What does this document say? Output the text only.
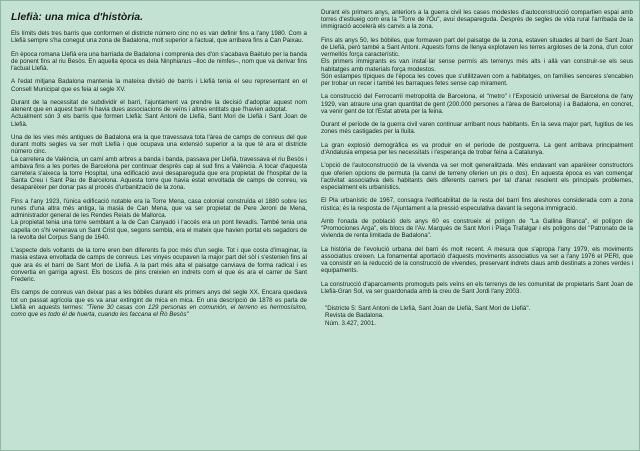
Llefià: una mica d'història.

Els límits dels tres barris que conformen el districte número cinc no es van definir fins a l'any 1980. Com a Llefià sempre s'ha conegut una zona de Badalona, molt superior a l'actual, que arribava fins a Can Paixau.

En època romana Llefià era una barriada de Badalona i comprenia des d'on s'acabava Baètulo per la banda de ponent fins al riu Besòs. En aquella època es deia Ninphianus –lloc de nimfes–, nom que va derivar fins l'actual Llefià.

A l'edat mitjana Badalona mantenia la mateixa divisió de barris i Llefià tenia el seu representant en el Consell Municipal que es feia al segle XV.

Durant de la necessitat de subdividir el barri, l'ajuntament va prendre la decisió d'adoptar aquest nom atenent que en aquest barri hi havia dues associacions de veïns i altres entitats que l'havien adoptat.

Actualment són 3 els barris que formen Llefià: Sant Antoni de Llefià, Sant Mori de Llefià i Sant Joan de Llefià.

Una de les vies més antigues de Badalona era la que travessava tota l'àrea de camps de conreus del que durant molts segles va ser molt Llefià i que ocupava una extensió superior a la que té ara el districte número cinc.

La carretera de València, un camí amb arbres a banda i banda, passava per Llefià, travessava el riu Besòs i ambava fins a les portes de Barcelona per continuar desprès cap al sud fins a València. A tocar d'aquesta carretera s'aixeca la torre Hospital, una edificació avui desapareguda que era propietat de l'hospital de la Santa Creu i Sant Pau de Barcelona. Aquesta torre que havia estat envoltada de camps de conreu, va desaparèixer per donar pas al procés d'urbanització de la zona.

Fins a l'any 1923, l'única edificació notable era la Torre Mena, casa colonial construïda el 1880 sobre les runes d'una altra més antiga, la masia de Can Mena, que va ser propietat de Pere Jeroni de Mena, administrador general de les Rendes Reials de Mallorca.

La propietat tenia una torre semblant a la de Can Canyadó i l'accés era un pont llevadís. També tenia una capella on s'hi venerava un Sant Crist que, segons sembla, era el mateix que havien portat els segadors de la revolta del Corpus Sang de 1640.

L'aspecte dels voltants de la torre eren ben diferents fa poc més d'un segle. Tot i que costa d'imaginar, la masia estava envoltada de camps de conreus. Les vinyes ocupaven la major part del sòl i s'estenien fins al que ara és el barri de Sant Mori de Llefià. A la part més alta el paisatge canviava de forma radical i es convertia en garriga agrest. Els boscos de pins creixien en indrets com el que és ara el carrer de Sant Frederic.

Els camps de conreus van deixar pas a les bòbiles durant els primers anys del segle XX. Encara quedava tot un passat agrícola que es va anar extingint de mica en mica. En una descripció de 1878 es parla de Llefià en aquests termes: "Tiene 30 casas con 129 personas en comunión, el terreno es hermosísimo, como que es todo él de huerta, cuando les faccana el Rò Besòs"

Durant els primers anys, anteriors a la guerra civil les cases modestes d'autoconstrucció compartien espai amb torres d'estiueig com era la "Torre de l'Ou", avui desapareguda. Desprès de segles de vida rural l'arribada de la immigració accelerà els canvis a la zona.

Fins als anys 50, les bòbiles, que formaven part del paisatge de la zona, estaven situades al barri de Sant Joan de Llefià, però també a Sant Antoni. Aquests forns de llenya explotaven les terres argiloses de la zona, d'un color vermellós força característic.

Els primers immigrants es van instal·lar sense permís als terrenys més alts i allà van construir-se els seus habitatges amb materials força modestos.

Són estampes típiques de l'època les coves que s'utilitzaven com a habitatges, on famílies senceres s'encabien per trobar un recer i també les barraques fetes sense cap mirament.

La construcció del Ferrocarril metropolità de Barcelona, el "metro" i l'Exposició universal de Barcelona de l'any 1929, van atraure una gran quantitat de gent (200.000 persones a l'àrea de Barcelona) i a Badalona, en concret, va venir gent de tot l'Estat atreta per la feina.

Durant el període de la guerra civil varen continuar arribant nous habitants. En la seva major part, fugitius de les zones més castigades per la lluita.

La gran explosió demogràfica es va produir en el període de postguerra. La gent arribava principalment d'Andalusia empesa per les necessitats i l'esperança de trobar feina a Catalunya.

L'opció de l'autoconstrucció de la vivenda va ser molt generalitzada. Més endavant van aparèixer constructors que oferien opcions de permuta (la canvi de terreny oferien un pis o dos). En aquesta època es van començar l'activitat associativa dels habitants dels diferents carrers per tal d'anar resolent els principals problemes, especialment els urbanístics.

El Pla urbanístic de 1967, consagra l'edificabilitat de la resta del barri fins aleshores considerada com a zona rústica; és la resposta de l'Ajuntament a la pressió especulativa davant la segona immigració.

Amb l'onada de població dels anys 60 es construeix el polígon de "La Gallina Blanca", el polígon de "Promociones Arga", els blocs de l'Av. Marquès de Sant Mori i Plaça Trafalgar i els polígons del "Patronato de la vivienda de renta limitada de Badalona".

La història de l'evolució urbana del barri és molt recent. A mesura que s'apropa l'any 1979, els moviments associatius creixen. La fonamental aportació d'aquests moviments associatius va ser a l'any 1976 el PERI, que va consistir en la reducció de la construcció de vivendes, preservant indrets claus amb destinats a zones verdes i equipaments.

La construcció d'aparcaments promoguts pels veïns en els terrenys de les comunitat de propietaris Sant Joan de Llefià-Gran Sol, va ser guardonada amb la creu de Sant Jordi l'any 2003.

"Districte 5: Sant Antoni de Llefià, Sant Joan de Llefià, Sant Mori de Llefià".
Revista de Badalona.
Núm. 3.427, 2001.
